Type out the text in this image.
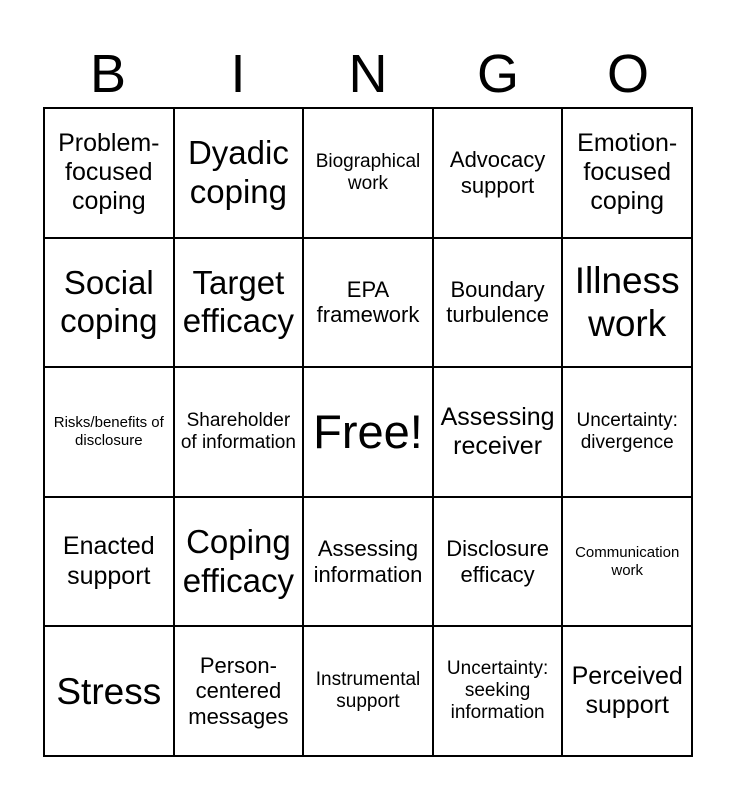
B	I	N	G	O
Problem-focused coping
Dyadic coping
Biographical work
Advocacy support
Emotion-focused coping
Social coping
Target efficacy
EPA framework
Boundary turbulence
Illness work
Risks/benefits of disclosure
Shareholder of information Free! Assessing receiver
Uncertainty: divergence
Enacted support
Coping efficacy
Assessing information
Disclosure efficacy
Communication work
Stress
Person-centered messages
Instrumental support
Uncertainty: seeking information
Perceived support
